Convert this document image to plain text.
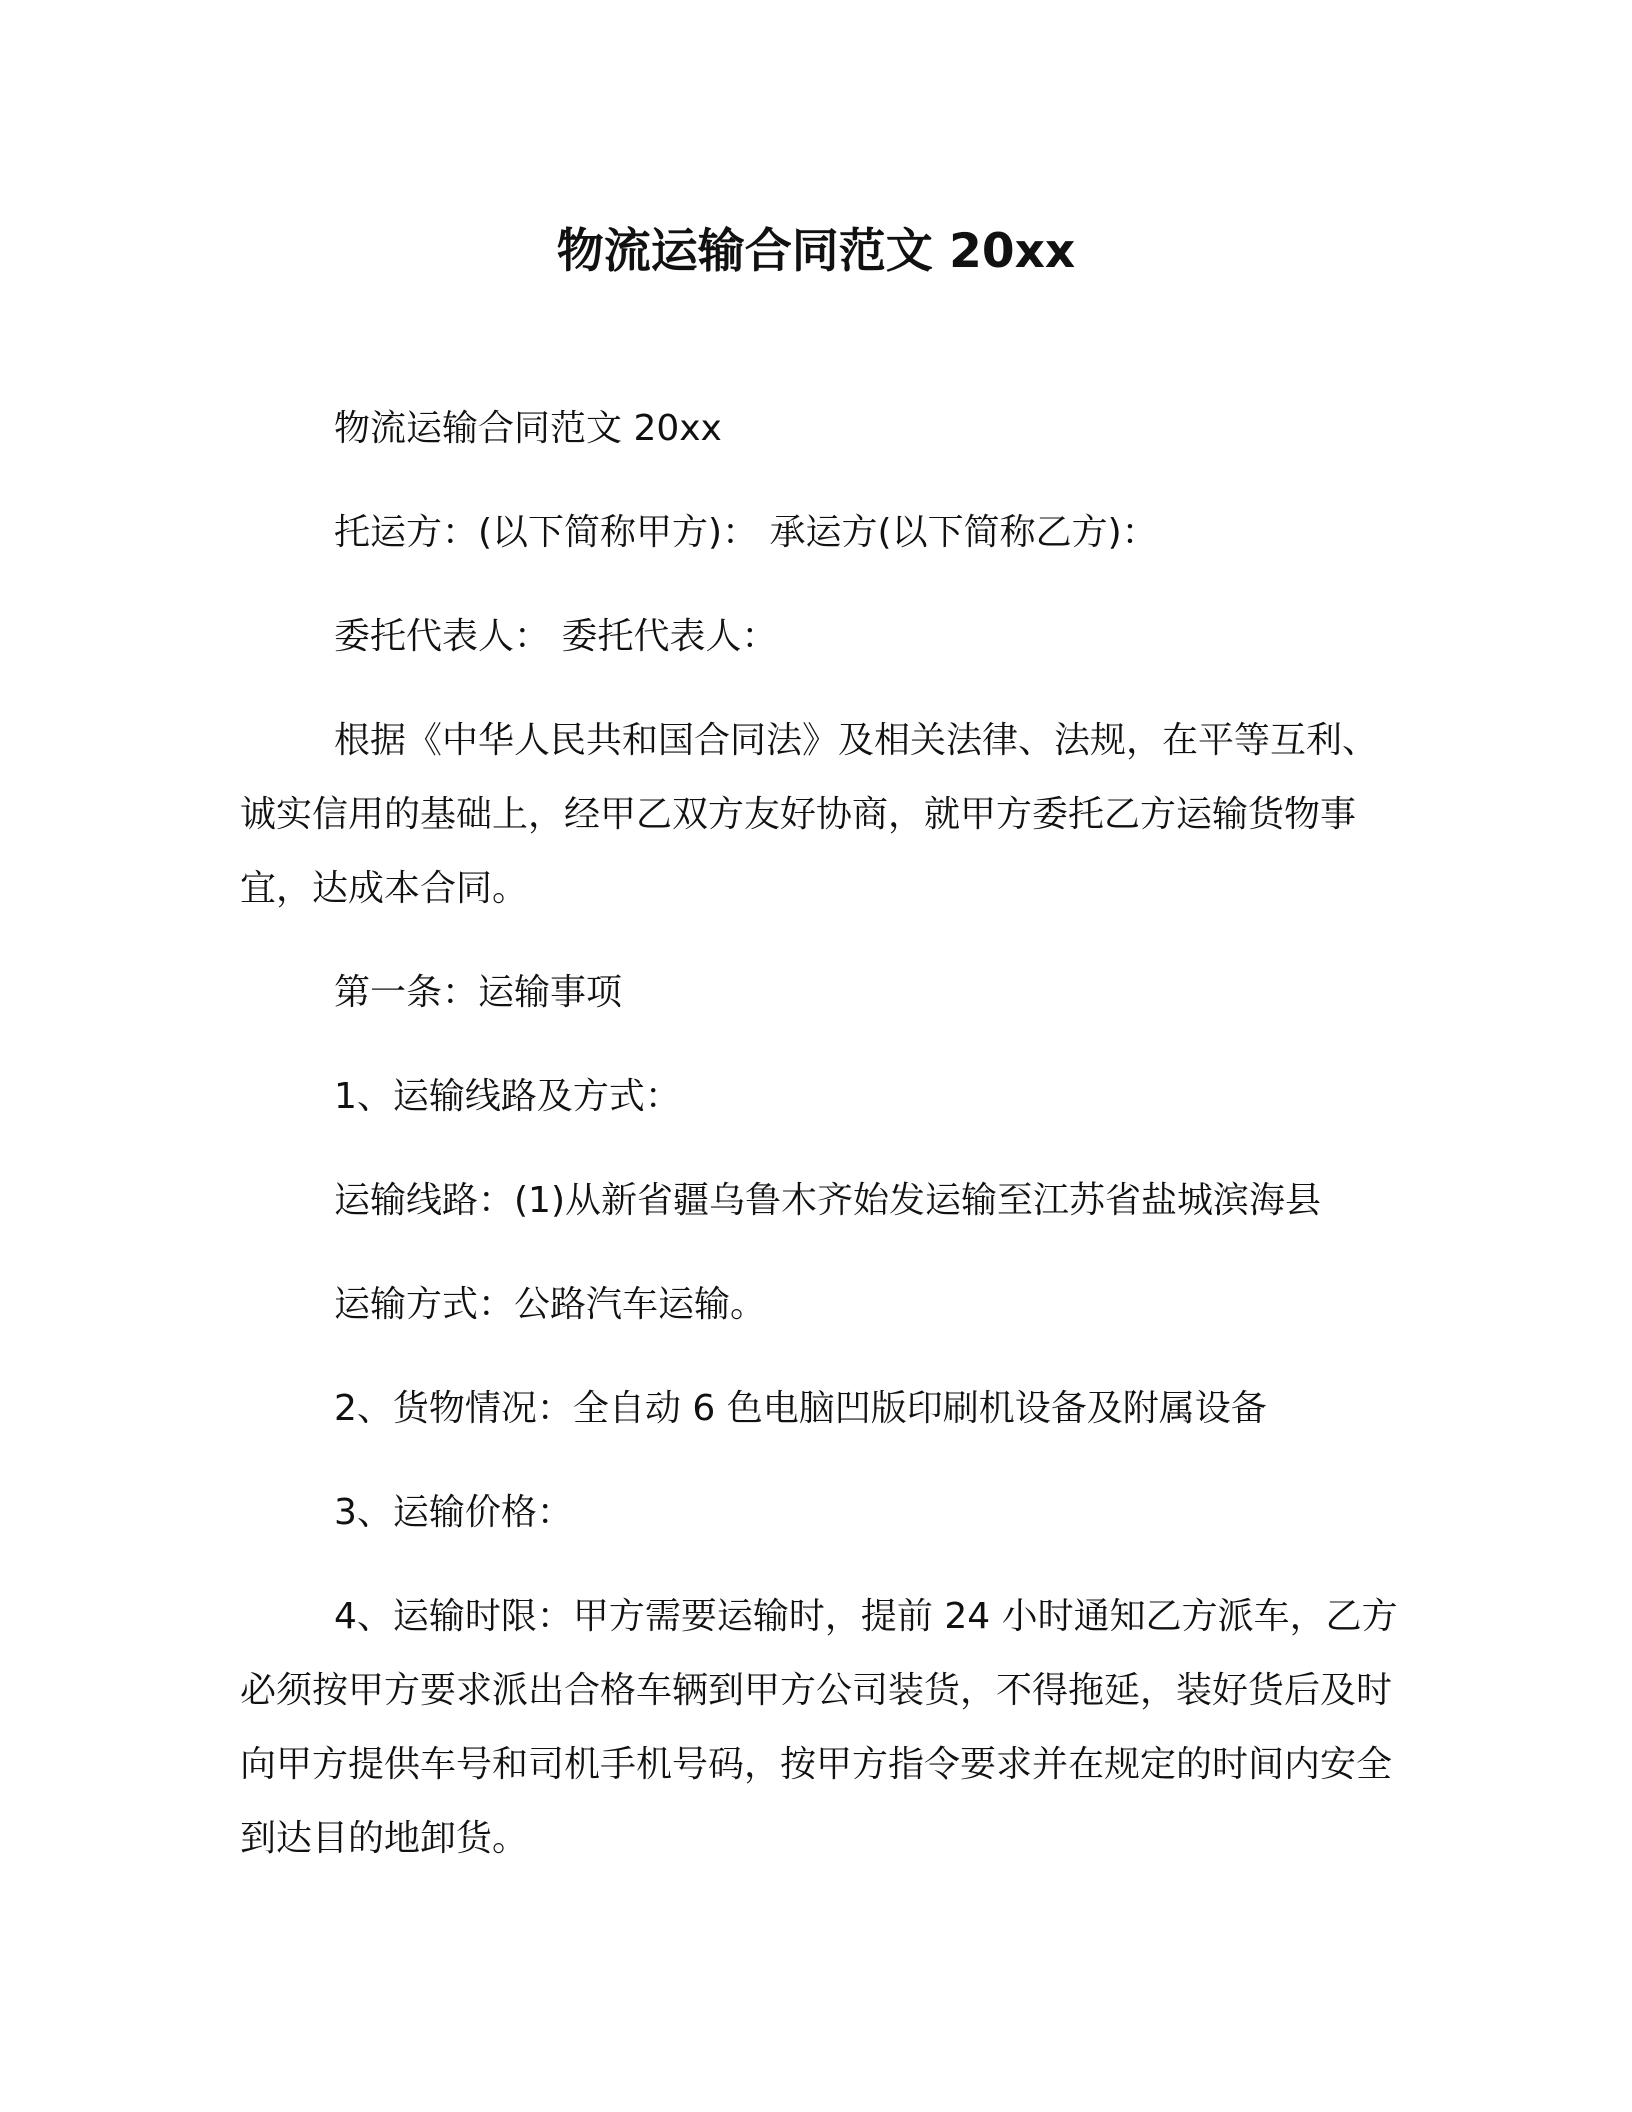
物流运输合同范文 20xx

物流运输合同范文 20xx

托运方：(以下简称甲方)： 承运方(以下简称乙方)：

委托代表人： 委托代表人：

根据《中华人民共和国合同法》及相关法律、法规，在平等互利、诚实信用的基础上，经甲乙双方友好协商，就甲方委托乙方运输货物事宜，达成本合同。

第一条：运输事项

1、运输线路及方式：

运输线路：(1)从新省疆乌鲁木齐始发运输至江苏省盐城滨海县

运输方式：公路汽车运输。

2、货物情况：全自动 6 色电脑凹版印刷机设备及附属设备

3、运输价格：

4、运输时限：甲方需要运输时，提前 24 小时通知乙方派车，乙方必须按甲方要求派出合格车辆到甲方公司装货，不得拖延，装好货后及时向甲方提供车号和司机手机号码，按甲方指令要求并在规定的时间内安全到达目的地卸货。
